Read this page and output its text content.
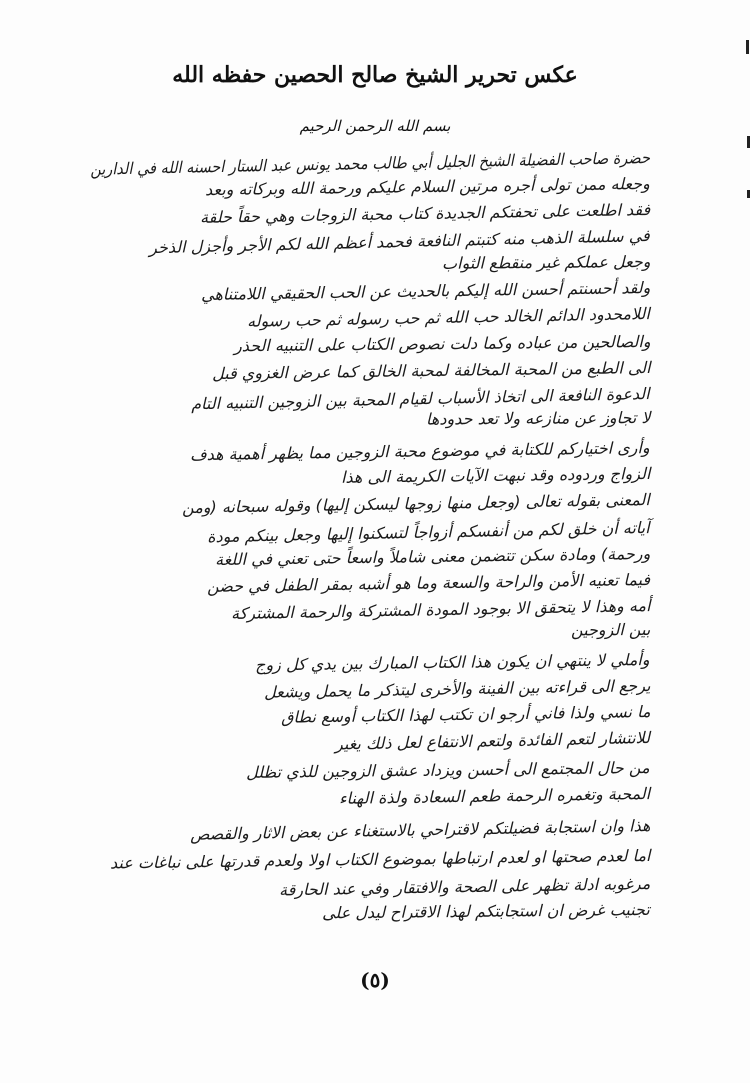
عكس تحرير الشيخ صالح الحصين حفظه الله
بسم الله الرحمن الرحيم
حضرة صاحب الفضيلة الشيخ الجليل أبي طالب محمد يونس عبد الستار احسنه الله في الدارين
وجعله ممن تولى أجره مرتين السلام عليكم ورحمة الله وبركاته وبعد
فقد اطلعت على تحفتكم الجديدة كتاب محبة الزوجات وهي حقاً حلقة
في سلسلة الذهب منه كتبتم النافعة فحمد أعظم الله لكم الأجر وأجزل الذخر
وجعل عملكم غير منقطع الثواب
ولقد أحسنتم أحسن الله إليكم بالحديث عن الحب الحقيقي اللامتناهي
اللامحدود الدائم الخالد حب الله ثم حب رسوله ثم حب رسوله
والصالحين من عباده وكما دلت نصوص الكتاب على التنبيه الحذر
الى الطبع من المحبة المخالفة لمحبة الخالق كما عرض الغزوي قبل
الدعوة النافعة الى اتخاذ الأسباب لقيام المحبة بين الزوجين التنبيه التام
لا تجاوز عن منازعه ولا تعد حدودها
وأرى اختياركم للكتابة في موضوع محبة الزوجين مما يظهر أهمية هدف
الزواج وردوده وقد نبهت الآيات الكريمة الى هذا
المعنى بقوله تعالى (وجعل منها زوجها ليسكن إليها) وقوله سبحانه (ومن
آياته أن خلق لكم من أنفسكم أزواجاً لتسكنوا إليها وجعل بينكم مودة
ورحمة) ومادة سكن تتضمن معنى شاملاً واسعاً حتى تعني في اللغة
فيما تعنيه الأمن والراحة والسعة وما هو أشبه بمقر الطفل في حضن
أمه وهذا لا يتحقق الا بوجود المودة المشتركة والرحمة المشتركة
بين الزوجين
وأملي لا ينتهي ان يكون هذا الكتاب المبارك بين يدي كل زوج
يرجع الى قراءته بين الفينة والأخرى ليتذكر ما يحمل ويشعل
ما نسي ولذا فاني أرجو ان تكتب لهذا الكتاب أوسع نطاق
للانتشار لتعم الفائدة ولتعم الانتفاع لعل ذلك يغير
من حال المجتمع الى أحسن ويزداد عشق الزوجين للذي تظلل
المحبة وتغمره الرحمة طعم السعادة ولذة الهناء
هذا وان استجابة فضيلتكم لاقتراحي بالاستغناء عن بعض الاثار والقصص
اما لعدم صحتها او لعدم ارتباطها بموضوع الكتاب اولا ولعدم قدرتها على نباغات عند
مرغوبه ادلة تظهر على الصحة والافتقار وفي عند الحارقة
تجنيب غرض ان استجابتكم لهذا الاقتراح ليدل على
(٥)
